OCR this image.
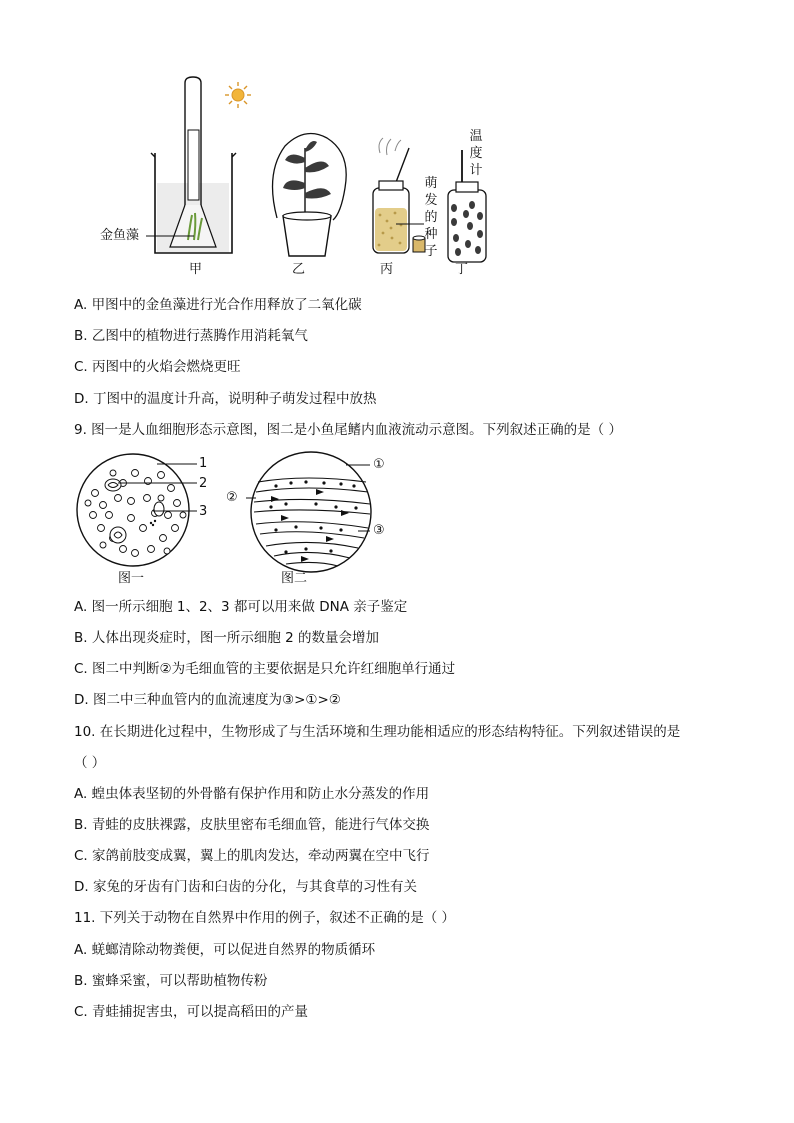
金鱼藻
甲	乙
萌发的种子
丙
温度计
丁
A. 甲图中的金鱼藻进行光合作用释放了二氧化碳
B. 乙图中的植物进行蒸腾作用消耗氧气
C. 丙图中的火焰会燃烧更旺
D. 丁图中的温度计升高，说明种子萌发过程中放热
9. 图一是人血细胞形态示意图，图二是小鱼尾鳍内血液流动示意图。下列叙述正确的是（ ）
1
2
3
图一
①
②
③
图二
A. 图一所示细胞 1、2、3 都可以用来做 DNA 亲子鉴定
B. 人体出现炎症时，图一所示细胞 2 的数量会增加
C. 图二中判断②为毛细血管的主要依据是只允许红细胞单行通过
D. 图二中三种血管内的血流速度为③>①>②
10. 在长期进化过程中，生物形成了与生活环境和生理功能相适应的形态结构特征。下列叙述错误的是
（ ）
A. 蝗虫体表坚韧的外骨骼有保护作用和防止水分蒸发的作用
B. 青蛙的皮肤裸露，皮肤里密布毛细血管，能进行气体交换
C. 家鸽前肢变成翼，翼上的肌肉发达，牵动两翼在空中飞行
D. 家兔的牙齿有门齿和臼齿的分化，与其食草的习性有关
11. 下列关于动物在自然界中作用的例子，叙述不正确的是（ ）
A. 蜣螂清除动物粪便，可以促进自然界的物质循环
B. 蜜蜂采蜜，可以帮助植物传粉
C. 青蛙捕捉害虫，可以提高稻田的产量
